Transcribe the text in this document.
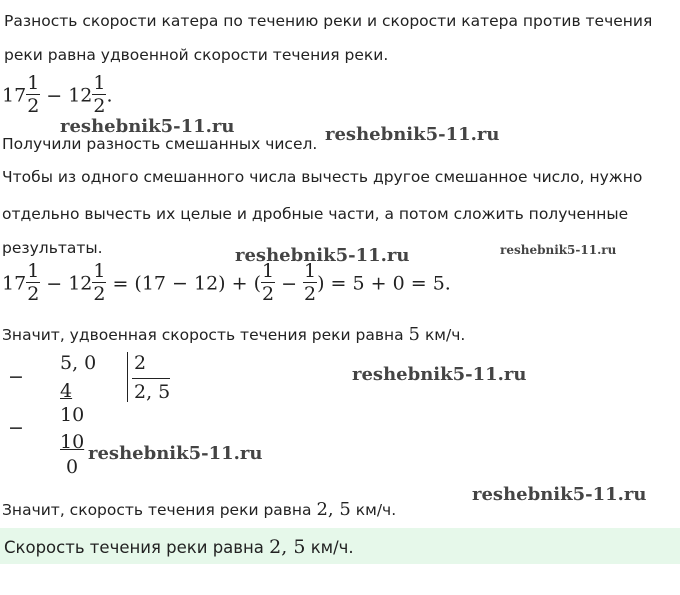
Разность скорости катера по течению реки и скорости катера против течения
реки равна удвоенной скорости течения реки.
$17 \frac{1}{2} - 12 \frac{1}{2}$ .
Получили разность смешанных чисел.
Чтобы из одного смешанного числа вычесть другое смешанное число, нужно
отдельно вычесть их целые и дробные части, а потом сложить полученные
результаты.
$17 \frac{1}{2} - 12 \frac{1}{2} = (17 - 12)$ + ( $\frac{1}{2} - \frac{1}{2}$ ) = 5 + 0 = 5.
Значит, удвоенная скорость течения реки равна 5 км/ч.
−
5, 0
4
2
2, 5
10
−
10
0
Значит, скорость течения реки равна 2, 5 км/ч.
Скорость течения реки равна 2, 5 км/ч.
reshebnik5-11.ru	reshebnik5-11.ru
reshebnik5-11.ru	reshebnik5-11.ru
reshebnik5-11.ru
reshebnik5-11.ru
reshebnik5-11.ru
